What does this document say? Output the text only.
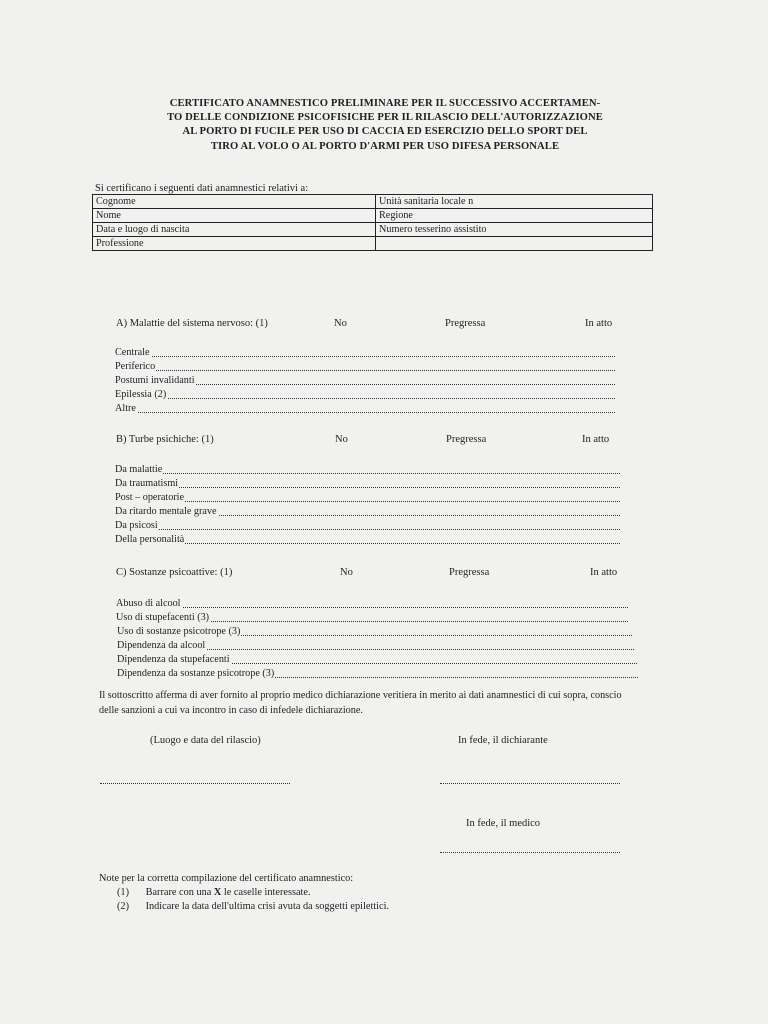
CERTIFICATO ANAMNESTICO PRELIMINARE PER IL SUCCESSIVO ACCERTAMEN-
TO DELLE CONDIZIONE PSICOFISICHE PER IL RILASCIO DELL'AUTORIZZAZIONE
AL PORTO DI FUCILE PER USO DI CACCIA ED ESERCIZIO DELLO SPORT DEL
TIRO AL VOLO O AL PORTO D'ARMI PER USO DIFESA PERSONALE
Si certificano i seguenti dati anamnestici relativi a:
Cognome	Unità sanitaria locale n
Nome	Regione
Data e luogo di nascita	Numero tesserino assistito
Professione	
A) Malattie del sistema nervoso: (1)	No	Pregressa	In atto
Centrale
Periferico
Postumi invalidanti
Epilessia (2)
Altre
B) Turbe psichiche: (1)	No	Pregressa	In atto
Da malattie
Da traumatismi
Post – operatorie
Da ritardo mentale grave
Da psicosi
Della personalità
C) Sostanze psicoattive: (1)	No	Pregressa	In atto
Abuso di alcool
Uso di stupefacenti (3)
Uso di sostanze psicotrope (3)
Dipendenza da alcool
Dipendenza da stupefacenti
Dipendenza da sostanze psicotrope (3)
Il sottoscritto afferma di aver fornito al proprio medico dichiarazione veritiera in merito ai dati anamnestici di cui sopra, conscio
delle sanzioni a cui va incontro in caso di infedele dichiarazione.
(Luogo e data del rilascio)	In fede, il dichiarante
In fede, il medico
Note per la corretta compilazione del certificato anamnestico:
(1) Barrare con una X le caselle interessate.
(2) Indicare la data dell'ultima crisi avuta da soggetti epilettici.
